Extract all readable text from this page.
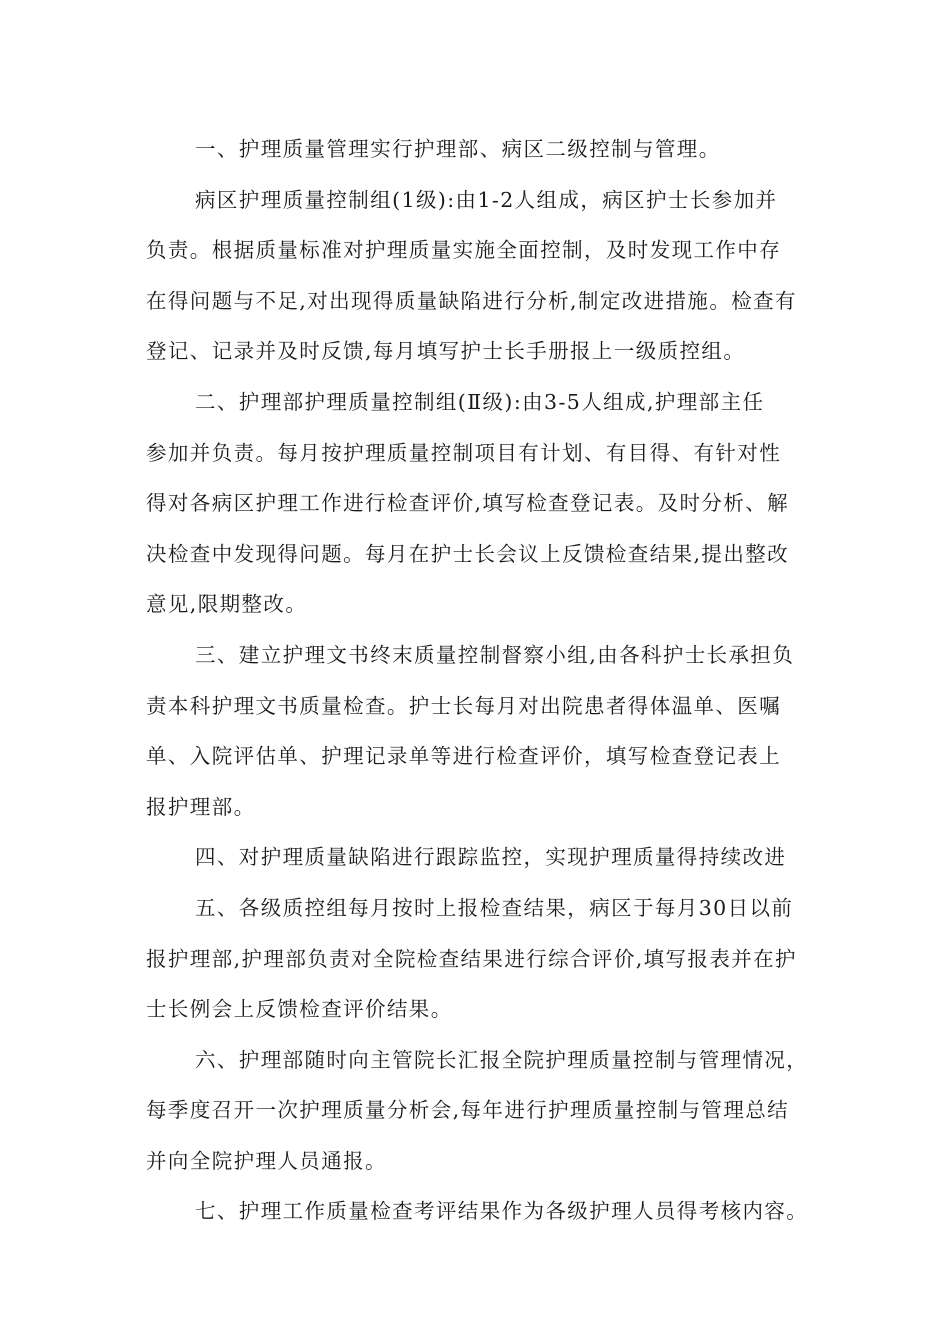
一、护理质量管理实行护理部、病区二级控制与管理。
病区护理质量控制组(1级):由1-2人组成，病区护士长参加并
负责。根据质量标准对护理质量实施全面控制，及时发现工作中存
在得问题与不足,对出现得质量缺陷进行分析,制定改进措施。检查有
登记、记录并及时反馈,每月填写护士长手册报上一级质控组。
二、护理部护理质量控制组(Ⅱ级):由3-5人组成,护理部主任
参加并负责。每月按护理质量控制项目有计划、有目得、有针对性
得对各病区护理工作进行检查评价,填写检查登记表。及时分析、解
决检查中发现得问题。每月在护士长会议上反馈检查结果,提出整改
意见,限期整改。
三、建立护理文书终末质量控制督察小组,由各科护士长承担负
责本科护理文书质量检查。护士长每月对出院患者得体温单、医嘱
单、入院评估单、护理记录单等进行检查评价，填写检查登记表上
报护理部。
四、对护理质量缺陷进行跟踪监控，实现护理质量得持续改进
五、各级质控组每月按时上报检查结果，病区于每月30日以前
报护理部,护理部负责对全院检查结果进行综合评价,填写报表并在护
士长例会上反馈检查评价结果。
六、护理部随时向主管院长汇报全院护理质量控制与管理情况，
每季度召开一次护理质量分析会,每年进行护理质量控制与管理总结
并向全院护理人员通报。
七、护理工作质量检查考评结果作为各级护理人员得考核内容。
